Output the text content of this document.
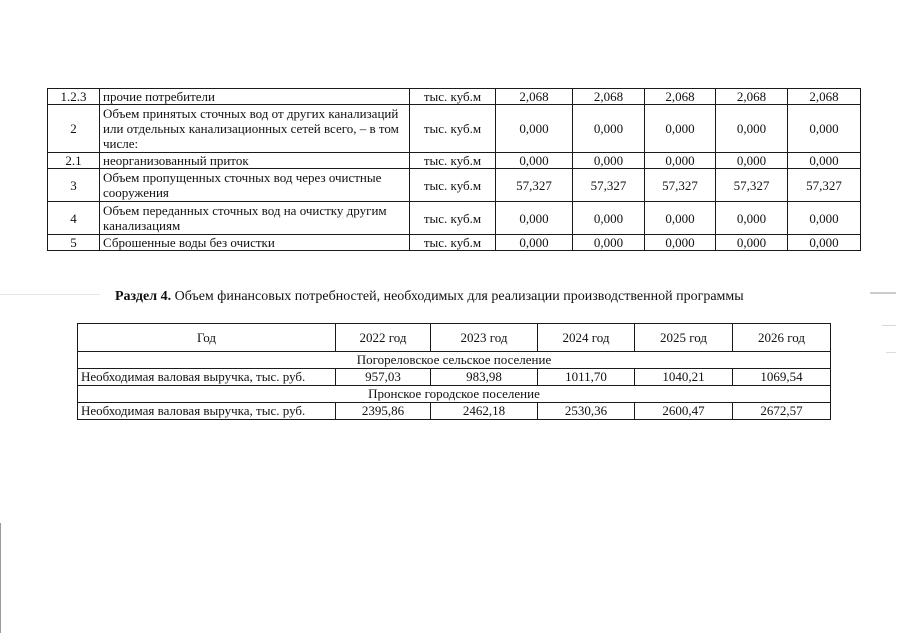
1.2.3	прочие потребители	тыс. куб.м	2,068	2,068	2,068	2,068	2,068
2	Объем принятых сточных вод от других канализаций или отдельных канализационных сетей всего, – в том числе:	тыс. куб.м	0,000	0,000	0,000	0,000	0,000
2.1	неорганизованный приток	тыс. куб.м	0,000	0,000	0,000	0,000	0,000
3	Объем пропущенных сточных вод через очистные сооружения	тыс. куб.м	57,327	57,327	57,327	57,327	57,327
4	Объем переданных сточных вод на очистку другим канализациям	тыс. куб.м	0,000	0,000	0,000	0,000	0,000
5	Сброшенные воды без очистки	тыс. куб.м	0,000	0,000	0,000	0,000	0,000
Раздел 4. Объем финансовых потребностей, необходимых для реализации производственной программы
Год	2022 год	2023 год	2024 год	2025 год	2026 год
Погореловское сельское поселение					
Необходимая валовая выручка, тыс. руб.	957,03	983,98	1011,70	1040,21	1069,54
Пронское городское поселение					
Необходимая валовая выручка, тыс. руб.	2395,86	2462,18	2530,36	2600,47	2672,57
